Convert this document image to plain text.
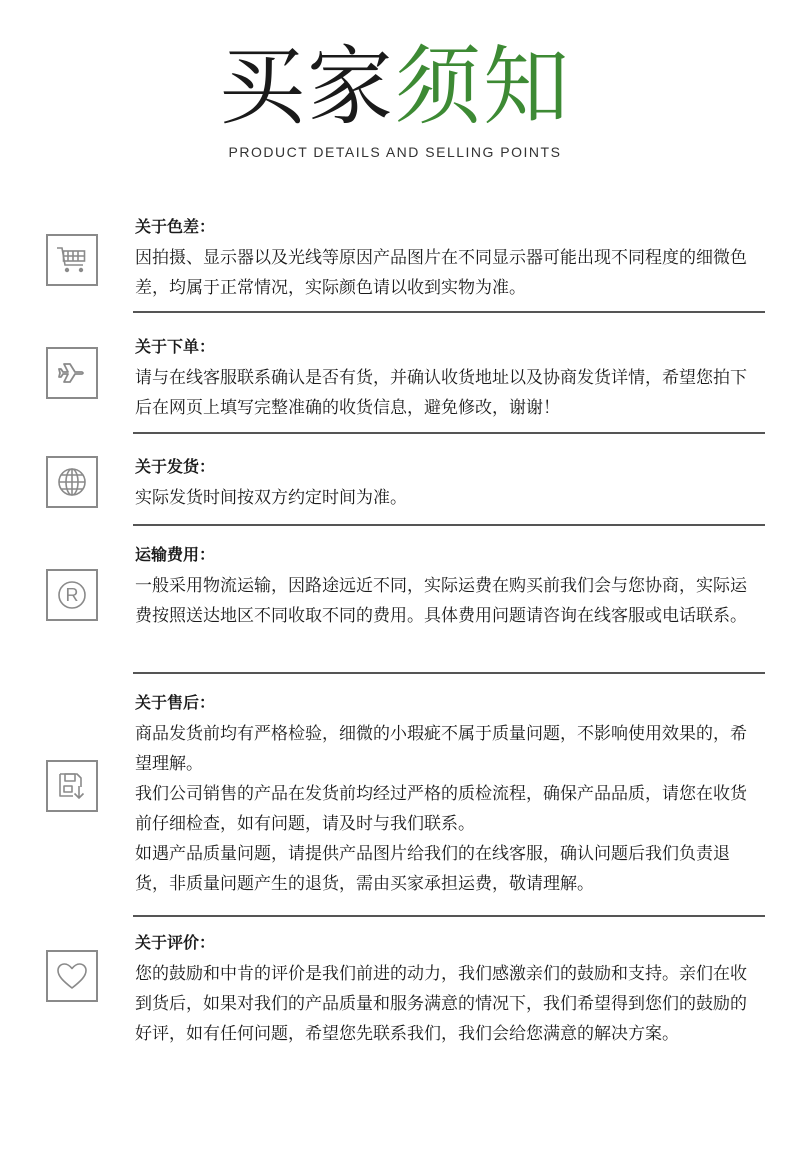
买家须知
PRODUCT DETAILS AND SELLING POINTS
关于色差：

因拍摄、显示器以及光线等原因产品图片在不同显示器可能出现不同程度的细微色差，均属于正常情况，实际颜色请以收到实物为准。

关于下单：

请与在线客服联系确认是否有货，并确认收货地址以及协商发货详情，希望您拍下后在网页上填写完整准确的收货信息，避免修改，谢谢！

关于发货：

实际发货时间按双方约定时间为准。

R
运输费用：

一般采用物流运输，因路途远近不同，实际运费在购买前我们会与您协商，实际运费按照送达地区不同收取不同的费用。具体费用问题请咨询在线客服或电话联系。

关于售后：

商品发货前均有严格检验，细微的小瑕疵不属于质量问题，不影响使用效果的，希望理解。

我们公司销售的产品在发货前均经过严格的质检流程，确保产品品质，请您在收货前仔细检查，如有问题，请及时与我们联系。

如遇产品质量问题，请提供产品图片给我们的在线客服，确认问题后我们负责退货，非质量问题产生的退货，需由买家承担运费，敬请理解。

关于评价：

您的鼓励和中肯的评价是我们前进的动力，我们感激亲们的鼓励和支持。亲们在收到货后，如果对我们的产品质量和服务满意的情况下，我们希望得到您们的鼓励的好评，如有任何问题，希望您先联系我们，我们会给您满意的解决方案。
